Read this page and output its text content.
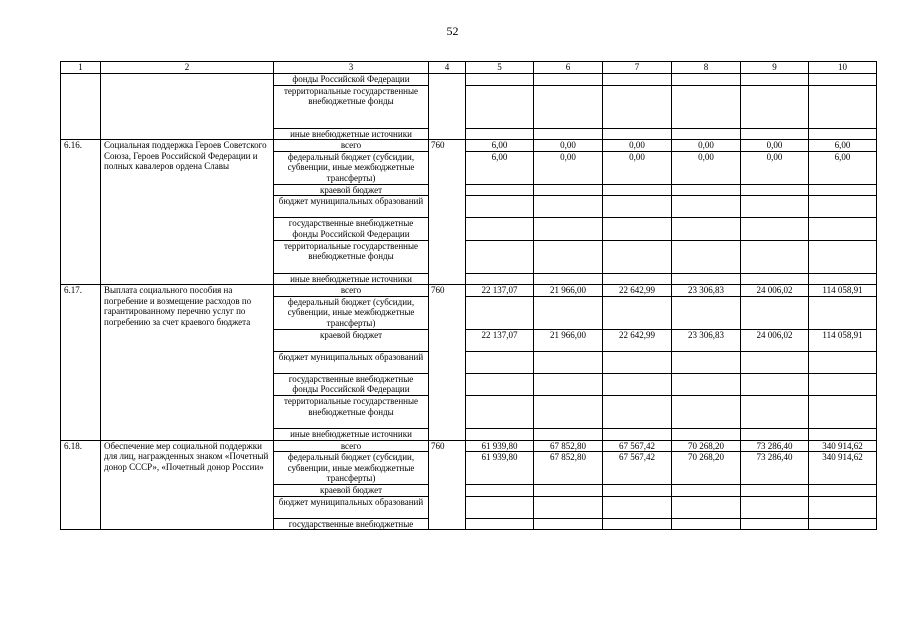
52
1	2	3	4	5	6	7	8	9	10
		фонды Российской Федерации							
		территориальные государственные внебюджетные фонды							
		иные внебюджетные источники							
6.16.	Социальная поддержка Героев Советского Союза, Героев Российской Федерации и полных кавалеров ордена Славы	всего	760	6,00	0,00	0,00	0,00	0,00	6,00
		федеральный бюджет (субсидии, субвенции, иные межбюджетные трансферты)		6,00	0,00	0,00	0,00	0,00	6,00
		краевой бюджет							
		бюджет муниципальных образований							
		государственные внебюджетные фонды Российской Федерации							
		территориальные государственные внебюджетные фонды							
		иные внебюджетные источники							
6.17.	Выплата социального пособия на погребение и возмещение расходов по гарантированному перечню услуг по погребению за счет краевого бюджета	всего	760	22 137,07	21 966,00	22 642,99	23 306,83	24 006,02	114 058,91
		федеральный бюджет (субсидии, субвенции, иные межбюджетные трансферты)							
		краевой бюджет		22 137,07	21 966,00	22 642,99	23 306,83	24 006,02	114 058,91
		бюджет муниципальных образований							
		государственные внебюджетные фонды Российской Федерации							
		территориальные государственные внебюджетные фонды							
		иные внебюджетные источники							
6.18.	Обеспечение мер социальной поддержки для лиц, награжденных знаком «Почетный донор СССР», «Почетный донор России»	всего	760	61 939,80	67 852,80	67 567,42	70 268,20	73 286,40	340 914,62
		федеральный бюджет (субсидии, субвенции, иные межбюджетные трансферты)		61 939,80	67 852,80	67 567,42	70 268,20	73 286,40	340 914,62
		краевой бюджет							
		бюджет муниципальных образований							
		государственные внебюджетные							
